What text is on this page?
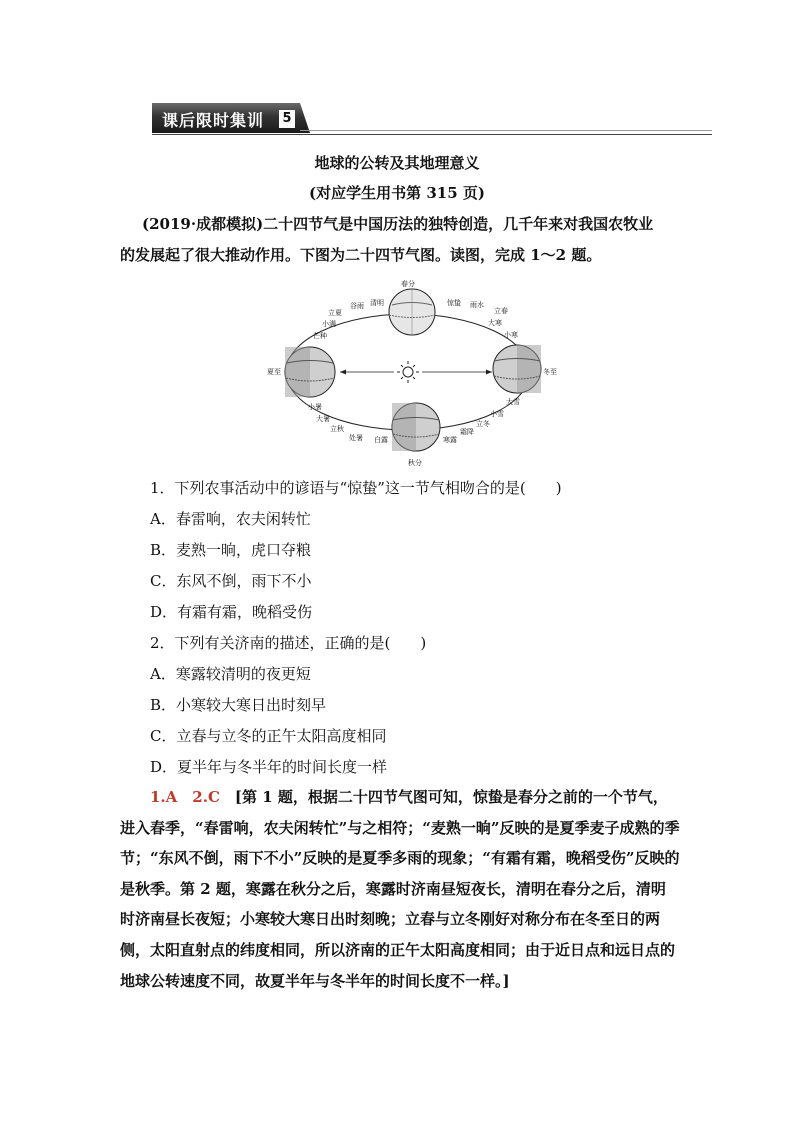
课后限时集训 5
地球的公转及其地理意义
(对应学生用书第 315 页)
(2019·成都模拟)二十四节气是中国历法的独特创造，几千年来对我国农牧业
的发展起了很大推动作用。下图为二十四节气图。读图，完成 1～2 题。
春分
夏至	冬至
秋分
惊蛰 雨水
立春
大寒
小寒
清明
谷雨
立夏
小满
芒种
小暑
大暑
立秋
处暑 白露	寒露
霜降
立冬
小雪
大雪
1．下列农事活动中的谚语与“惊蛰”这一节气相吻合的是(　　)
A．春雷响，农夫闲转忙
B．麦熟一晌，虎口夺粮
C．东风不倒，雨下不小
D．有霜有霜，晚稻受伤
2．下列有关济南的描述，正确的是(　　)
A．寒露较清明的夜更短
B．小寒较大寒日出时刻早
C．立春与立冬的正午太阳高度相同
D．夏半年与冬半年的时间长度一样
1.A　2.C　 [第 1 题，根据二十四节气图可知，惊蛰是春分之前的一个节气，进入春季，“春雷响，农夫闲转忙”与之相符；“麦熟一晌”反映的是夏季麦子成熟的季节；“东风不倒，雨下不小”反映的是夏季多雨的现象；“有霜有霜，晚稻受伤”反映的是秋季。第 2 题，寒露在秋分之后，寒露时济南昼短夜长，清明在春分之后，清明时济南昼长夜短；小寒较大寒日出时刻晚；立春与立冬刚好对称分布在冬至日的两侧，太阳直射点的纬度相同，所以济南的正午太阳高度相同；由于近日点和远日点的地球公转速度不同，故夏半年与冬半年的时间长度不一样。]
